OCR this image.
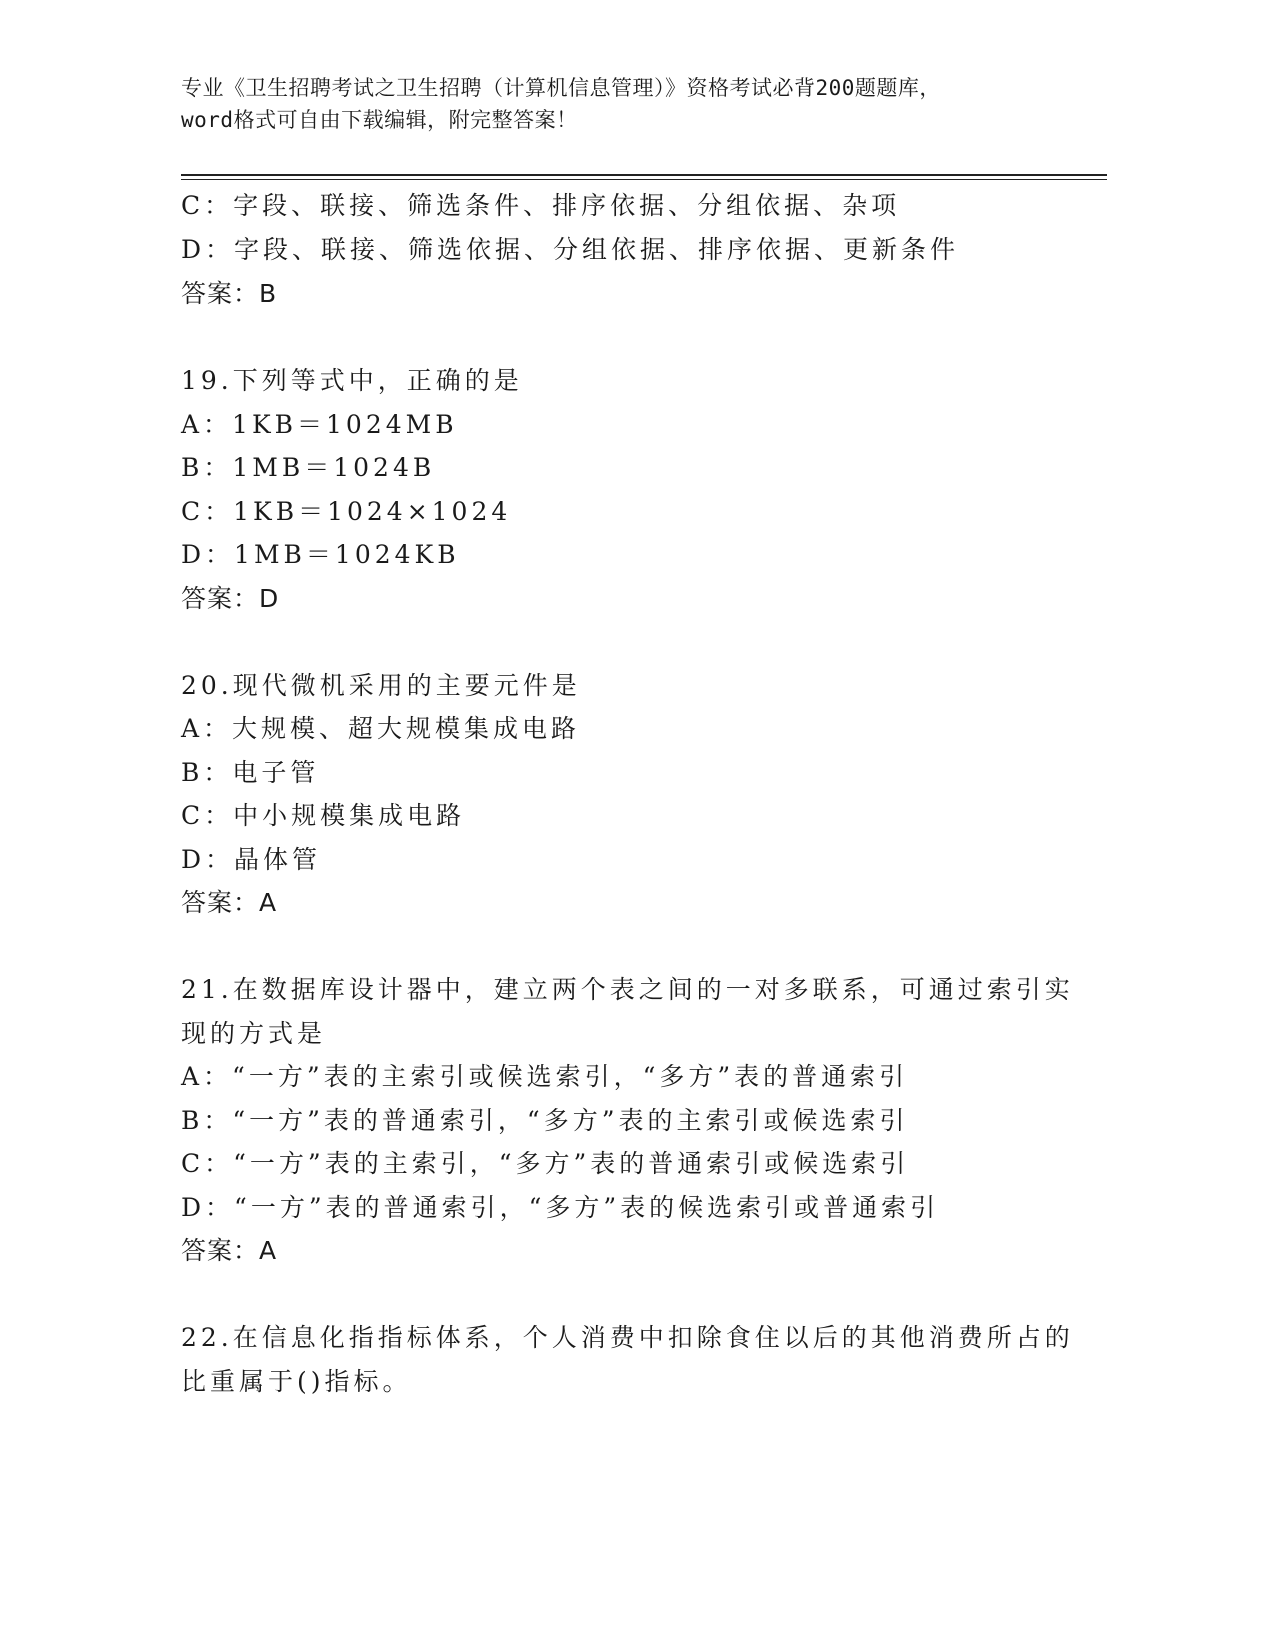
专业《卫生招聘考试之卫生招聘（计算机信息管理）》资格考试必背200题题库，
word格式可自由下载编辑，附完整答案！
C：字段、联接、筛选条件、排序依据、分组依据、杂项
D：字段、联接、筛选依据、分组依据、排序依据、更新条件
答案：B
19.下列等式中，正确的是
A：1KB＝1024MB
B：1MB＝1024B
C：1KB＝1024×1024
D：1MB＝1024KB
答案：D
20.现代微机采用的主要元件是
A：大规模、超大规模集成电路
B：电子管
C：中小规模集成电路
D：晶体管
答案：A
21.在数据库设计器中，建立两个表之间的一对多联系，可通过索引实
现的方式是
A：“一方”表的主索引或候选索引，“多方”表的普通索引
B：“一方”表的普通索引，“多方”表的主索引或候选索引
C：“一方”表的主索引，“多方”表的普通索引或候选索引
D：“一方”表的普通索引，“多方”表的候选索引或普通索引
答案：A
22.在信息化指指标体系，个人消费中扣除食住以后的其他消费所占的
比重属于()指标。
